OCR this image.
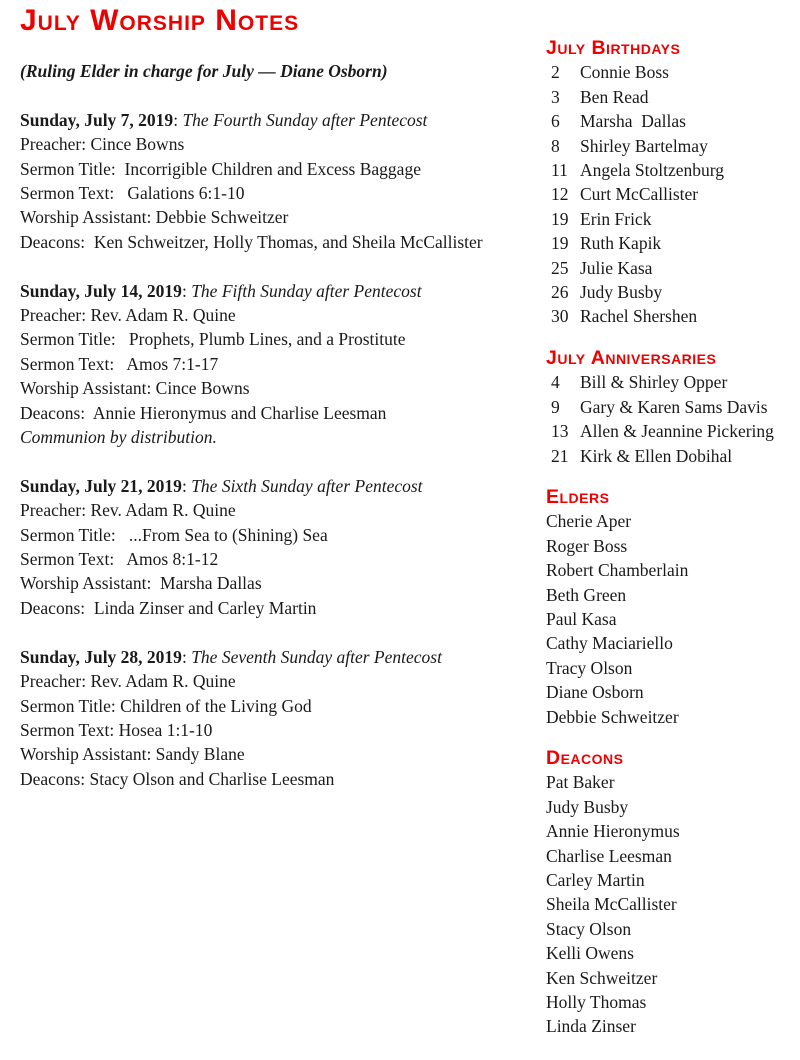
July Worship Notes
(Ruling Elder in charge for July — Diane Osborn)
Sunday, July 7, 2019: The Fourth Sunday after Pentecost
Preacher: Cince Bowns
Sermon Title:  Incorrigible Children and Excess Baggage
Sermon Text:   Galations 6:1-10
Worship Assistant: Debbie Schweitzer
Deacons:  Ken Schweitzer, Holly Thomas, and Sheila McCallister
Sunday, July 14, 2019: The Fifth Sunday after Pentecost
Preacher: Rev. Adam R. Quine
Sermon Title:   Prophets, Plumb Lines, and a Prostitute
Sermon Text:   Amos 7:1-17
Worship Assistant: Cince Bowns
Deacons:  Annie Hieronymus and Charlise Leesman
Communion by distribution.
Sunday, July 21, 2019: The Sixth Sunday after Pentecost
Preacher: Rev. Adam R. Quine
Sermon Title:   ...From Sea to (Shining) Sea
Sermon Text:   Amos 8:1-12
Worship Assistant:  Marsha Dallas
Deacons:  Linda Zinser and Carley Martin
Sunday, July 28, 2019: The Seventh Sunday after Pentecost
Preacher: Rev. Adam R. Quine
Sermon Title: Children of the Living God
Sermon Text: Hosea 1:1-10
Worship Assistant: Sandy Blane
Deacons: Stacy Olson and Charlise Leesman
July Birthdays
2	Connie Boss
3	Ben Read
6	Marsha  Dallas
8	Shirley Bartelmay
11 Angela Stoltzenburg
12 Curt McCallister
19 Erin Frick
19 Ruth Kapik
25 Julie Kasa
26 Judy Busby
30 Rachel Shershen
July Anniversaries
4	Bill & Shirley Opper
9	Gary & Karen Sams Davis
13 Allen & Jeannine Pickering
21 Kirk & Ellen Dobihal
Elders
Cherie Aper
Roger Boss
Robert Chamberlain
Beth Green
Paul Kasa
Cathy Maciariello
Tracy Olson
Diane Osborn
Debbie Schweitzer
Deacons
Pat Baker
Judy Busby
Annie Hieronymus
Charlise Leesman
Carley Martin
Sheila McCallister
Stacy Olson
Kelli Owens
Ken Schweitzer
Holly Thomas
Linda Zinser
